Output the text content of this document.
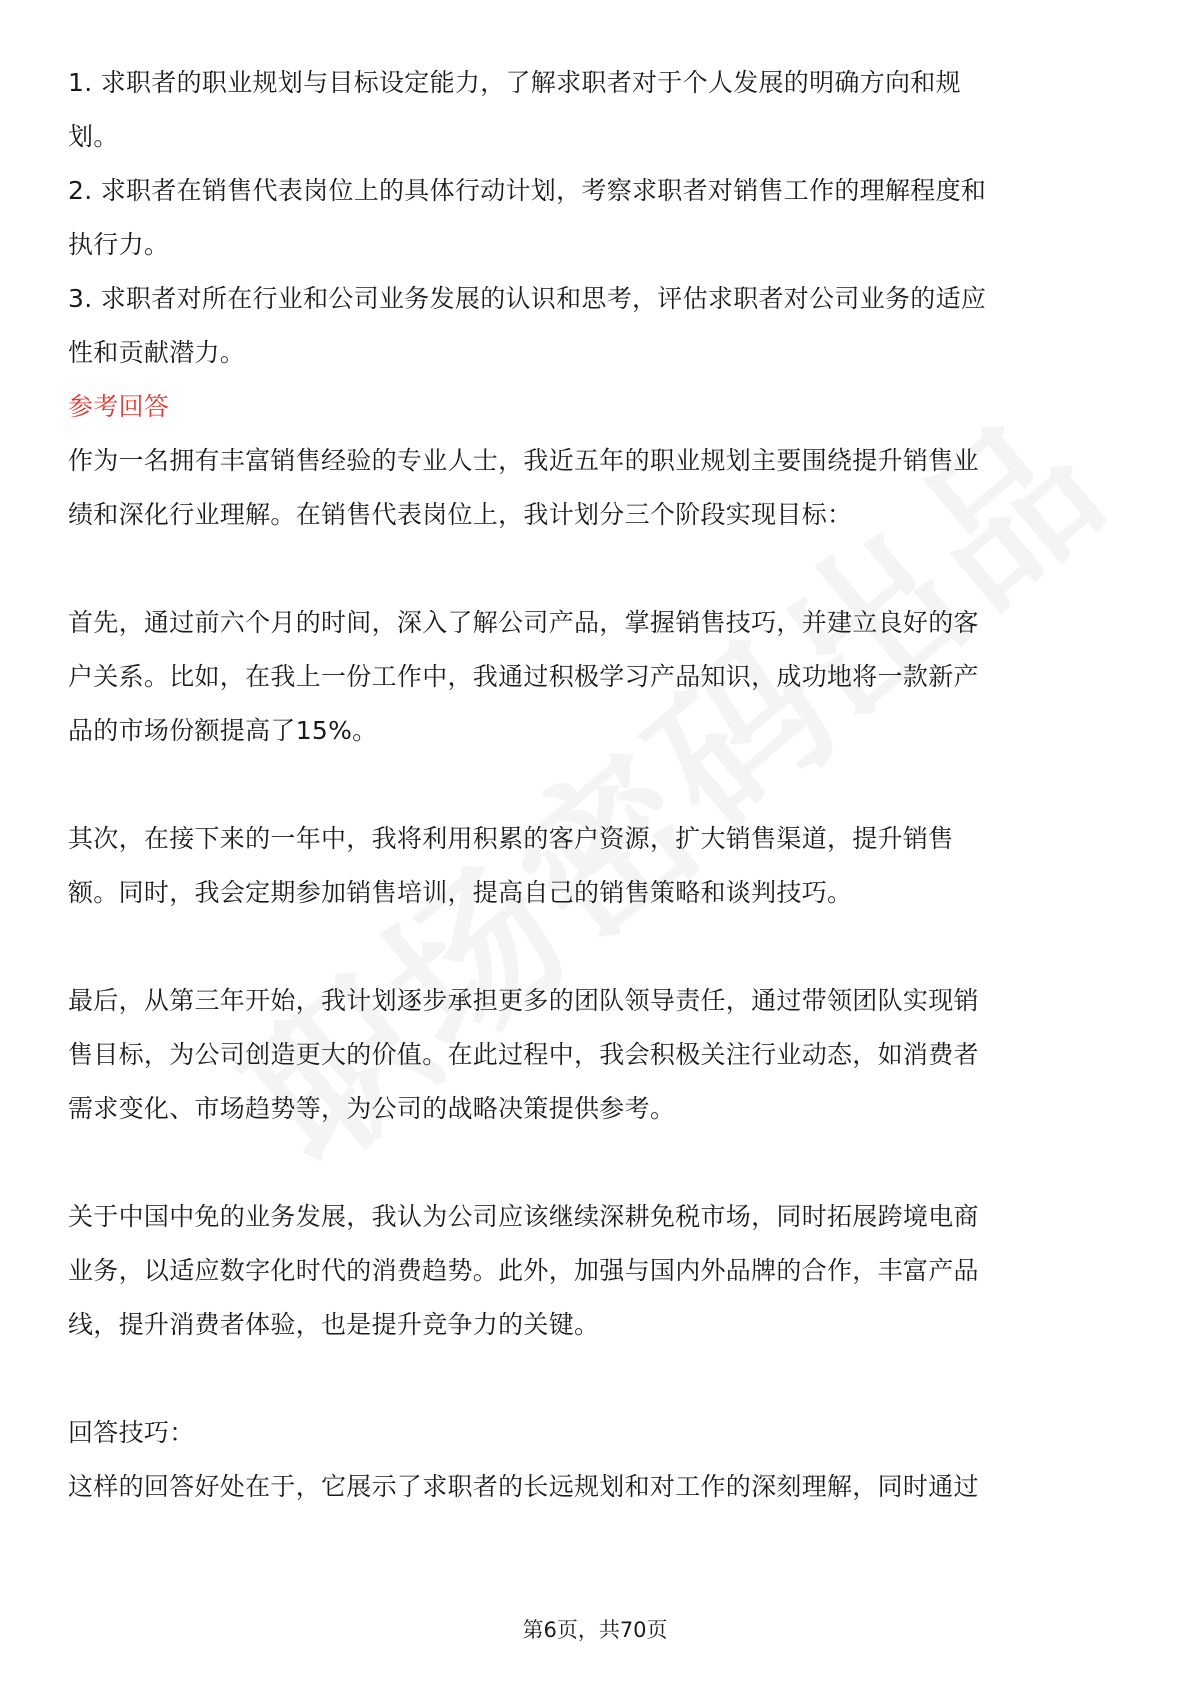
1. 求职者的职业规划与目标设定能力，了解求职者对于个人发展的明确方向和规

划。

2. 求职者在销售代表岗位上的具体行动计划，考察求职者对销售工作的理解程度和

执行力。

3. 求职者对所在行业和公司业务发展的认识和思考，评估求职者对公司业务的适应

性和贡献潜力。

参考回答

作为一名拥有丰富销售经验的专业人士，我近五年的职业规划主要围绕提升销售业

绩和深化行业理解。在销售代表岗位上，我计划分三个阶段实现目标：

首先，通过前六个月的时间，深入了解公司产品，掌握销售技巧，并建立良好的客

户关系。比如，在我上一份工作中，我通过积极学习产品知识，成功地将一款新产

品的市场份额提高了15%。

其次，在接下来的一年中，我将利用积累的客户资源，扩大销售渠道，提升销售

额。同时，我会定期参加销售培训，提高自己的销售策略和谈判技巧。

最后，从第三年开始，我计划逐步承担更多的团队领导责任，通过带领团队实现销

售目标，为公司创造更大的价值。在此过程中，我会积极关注行业动态，如消费者

需求变化、市场趋势等，为公司的战略决策提供参考。

关于中国中免的业务发展，我认为公司应该继续深耕免税市场，同时拓展跨境电商

业务，以适应数字化时代的消费趋势。此外，加强与国内外品牌的合作，丰富产品

线，提升消费者体验，也是提升竞争力的关键。

回答技巧：

这样的回答好处在于，它展示了求职者的长远规划和对工作的深刻理解，同时通过

第6页，共70页
